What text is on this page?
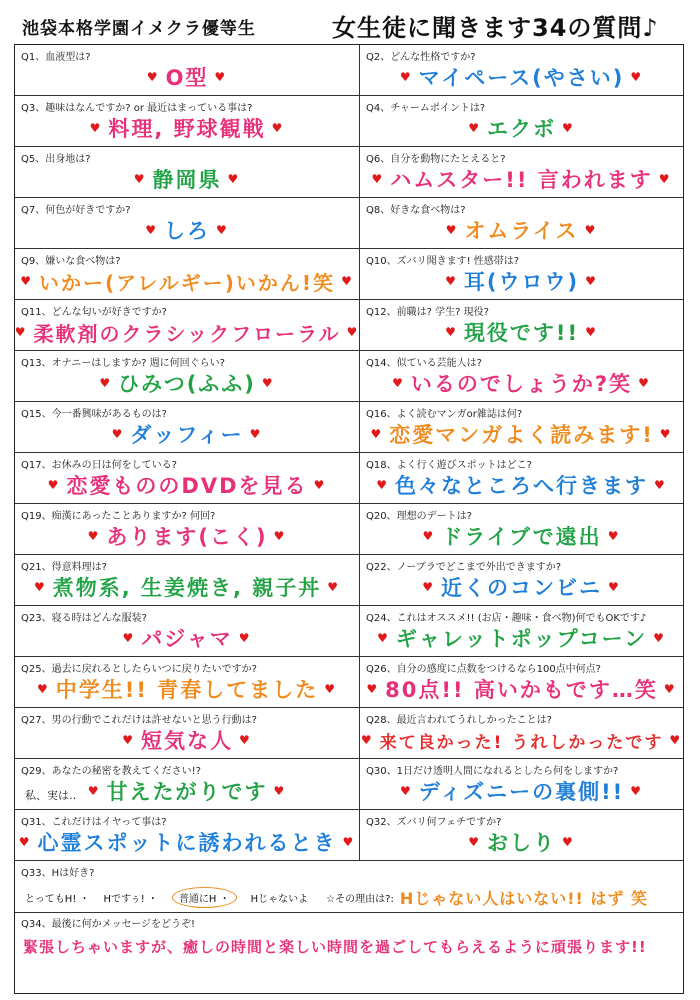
池袋本格学園イメクラ優等生	女生徒に聞きます34の質問♪
Q1、血液型は?
♥ O型 ♥
Q2、どんな性格ですか?
♥ マイペース(やさい) ♥
Q3、趣味はなんですか? or 最近はまっている事は?
♥ 料理, 野球観戦 ♥
Q4、チャームポイントは?
♥ エクボ ♥
Q5、出身地は?
♥ 静岡県 ♥
Q6、自分を動物にたとえると?
♥ ハムスター!! 言われます ♥
Q7、何色が好きですか?
♥ しろ ♥
Q8、好きな食べ物は?
♥ オムライス ♥
Q9、嫌いな食べ物は?
♥ いかー(アレルギー)いかん!笑 ♥
Q10、ズバリ聞きます! 性感帯は?
♥ 耳(ウロウ) ♥
Q11、どんな匂いが好きですか?
♥ 柔軟剤のクラシックフローラル ♥
Q12、前職は? 学生? 現役?
♥ 現役です!! ♥
Q13、オナニーはしますか? 週に何回ぐらい?
♥ ひみつ(ふふ) ♥
Q14、似ている芸能人は?
♥ いるのでしょうか?笑 ♥
Q15、今一番興味があるものは?
♥ ダッフィー ♥
Q16、よく読むマンガor雑誌は何?
♥ 恋愛マンガよく読みます! ♥
Q17、お休みの日は何をしている?
♥ 恋愛もののDVDを見る ♥
Q18、よく行く遊びスポットはどこ?
♥ 色々なところへ行きます ♥
Q19、痴漢にあったことありますか? 何回?
♥ あります(こく) ♥
Q20、理想のデートは?
♥ ドライブで遠出 ♥
Q21、得意料理は?
♥ 煮物系, 生姜焼き, 親子丼 ♥
Q22、ノーブラでどこまで外出できますか?
♥ 近くのコンビニ ♥
Q23、寝る時はどんな服装?
♥ パジャマ ♥
Q24、これはオススメ!! (お店・趣味・食べ物)何でもOKです♪
♥ ギャレットポップコーン ♥
Q25、過去に戻れるとしたらいつに戻りたいですか?
♥ 中学生!! 青春してました ♥
Q26、自分の感度に点数をつけるなら100点中何点?
♥ 80点!! 高いかもです…笑 ♥
Q27、男の行動でこれだけは許せないと思う行動は?
♥ 短気な人 ♥
Q28、最近言われてうれしかったことは?
♥ 来て良かった! うれしかったです ♥
Q29、あなたの秘密を教えてください!?
私、実は‥ ♥ 甘えたがりです ♥
Q30、1日だけ透明人間になれるとしたら何をしますか?
♥ ディズニーの裏側!! ♥
Q31、これだけはイヤって事は?
♥ 心霊スポットに誘われるとき ♥
Q32、ズバリ何フェチですか?
♥ おしり ♥
Q33、Hは好き?
とってもH! ・ Hですぅ! ・	普通にH ・	Hじゃないよ ☆その理由は?: Hじゃない人はいない!! はず 笑
Q34、最後に何かメッセージをどうぞ!
緊張しちゃいますが、癒しの時間と楽しい時間を過ごしてもらえるように頑張ります!!
